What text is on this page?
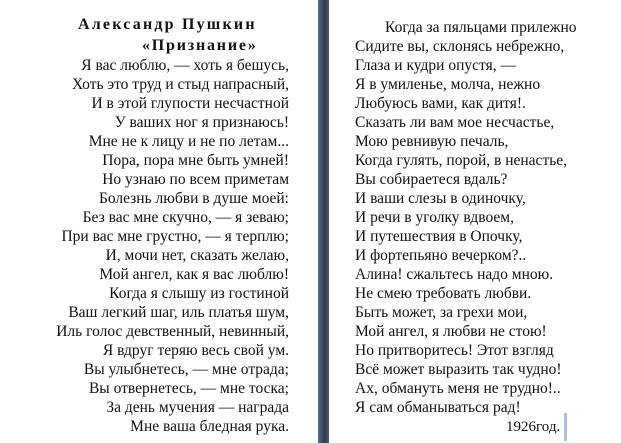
Александр Пушкин
«Признание»
Я вас люблю, — хоть я бешусь,
Хоть это труд и стыд напрасный,
И в этой глупости несчастной
У ваших ног я признаюсь!
Мне не к лицу и не по летам...
Пора, пора мне быть умней!
Но узнаю по всем приметам
Болезнь любви в душе моей:
Без вас мне скучно, — я зеваю;
При вас мне грустно, — я терплю;
И, мочи нет, сказать желаю,
Мой ангел, как я вас люблю!
Когда я слышу из гостиной
Ваш легкий шаг, иль платья шум,
Иль голос девственный, невинный,
Я вдруг теряю весь свой ум.
Вы улыбнетесь, — мне отрада;
Вы отвернетесь, — мне тоска;
За день мучения — награда
Мне ваша бледная рука.
Когда за пяльцами прилежно
Сидите вы, склонясь небрежно,
Глаза и кудри опустя, —
Я в умиленье, молча, нежно
Любуюсь вами, как дитя!.
Сказать ли вам мое несчастье,
Мою ревнивую печаль,
Когда гулять, порой, в ненастье,
Вы собираетеся вдаль?
И ваши слезы в одиночку,
И речи в уголку вдвоем,
И путешествия в Опочку,
И фортепьяно вечерком?..
Алина! сжальтесь надо мною.
Не смею требовать любви.
Быть может, за грехи мои,
Мой ангел, я любви не стою!
Но притворитесь! Этот взгляд
Всё может выразить так чудно!
Ах, обмануть меня не трудно!..
Я сам обманываться рад!
1926год.
